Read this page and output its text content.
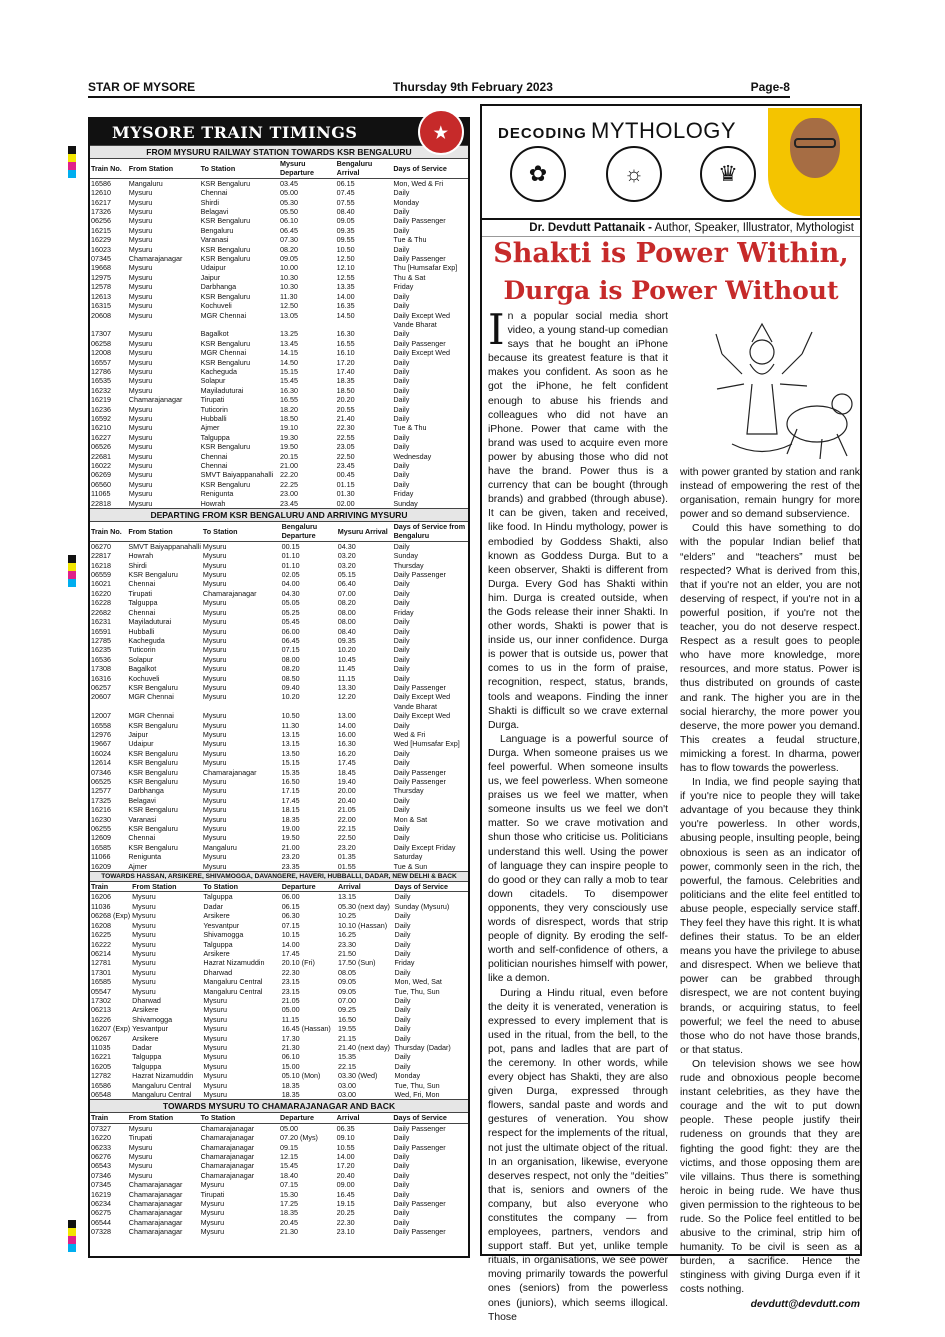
STAR OF MYSORE	Thursday 9th February 2023	Page-8
MYSORE TRAIN TIMINGS	★
FROM MYSURU RAILWAY STATION TOWARDS KSR BENGALURU
Train No.	From Station	To Station	Mysuru Departure	Bengaluru Arrival	Days of Service
16586	Mangaluru	KSR Bengaluru	03.45	06.15	Mon, Wed & Fri
12610	Mysuru	Chennai	05.00	07.45	Daily
16217	Mysuru	Shirdi	05.30	07.55	Monday
17326	Mysuru	Belagavi	05.50	08.40	Daily
06256	Mysuru	KSR Bengaluru	06.10	09.05	Daily Passenger
16215	Mysuru	Bengaluru	06.45	09.35	Daily
16229	Mysuru	Varanasi	07.30	09.55	Tue & Thu
16023	Mysuru	KSR Bengaluru	08.20	10.50	Daily
07345	Chamarajanagar	KSR Bengaluru	09.05	12.50	Daily Passenger
19668	Mysuru	Udaipur	10.00	12.10	Thu [Humsafar Exp]
12975	Mysuru	Jaipur	10.30	12.55	Thu & Sat
12578	Mysuru	Darbhanga	10.30	13.35	Friday
12613	Mysuru	KSR Bengaluru	11.30	14.00	Daily
16315	Mysuru	Kochuveli	12.50	16.35	Daily
20608	Mysuru	MGR Chennai	13.05	14.50	Daily Except Wed
					Vande Bharat
17307	Mysuru	Bagalkot	13.25	16.30	Daily
06258	Mysuru	KSR Bengaluru	13.45	16.55	Daily Passenger
12008	Mysuru	MGR Chennai	14.15	16.10	Daily Except Wed
16557	Mysuru	KSR Bengaluru	14.50	17.20	Daily
12786	Mysuru	Kacheguda	15.15	17.40	Daily
16535	Mysuru	Solapur	15.45	18.35	Daily
16232	Mysuru	Mayiladuturai	16.30	18.50	Daily
16219	Chamarajanagar	Tirupati	16.55	20.20	Daily
16236	Mysuru	Tuticorin	18.20	20.55	Daily
16592	Mysuru	Hubballi	18.50	21.40	Daily
16210	Mysuru	Ajmer	19.10	22.30	Tue & Thu
16227	Mysuru	Talguppa	19.30	22.55	Daily
06526	Mysuru	KSR Bengaluru	19.50	23.05	Daily
22681	Mysuru	Chennai	20.15	22.50	Wednesday
16022	Mysuru	Chennai	21.00	23.45	Daily
06269	Mysuru	SMVT Baiyappanahalli	22.20	00.45	Daily
06560	Mysuru	KSR Bengaluru	22.25	01.15	Daily
11065	Mysuru	Renigunta	23.00	01.30	Friday
22818	Mysuru	Howrah	23.45	02.00	Sunday
DEPARTING FROM KSR BENGALURU AND ARRIVING MYSURU
Train No.	From Station	To Station	Bengaluru Departure	Mysuru Arrival	Days of Service from Bengaluru
06270	SMVT Baiyappanahalli	Mysuru	00.15	04.30	Daily
22817	Howrah	Mysuru	01.10	03.20	Sunday
16218	Shirdi	Mysuru	01.10	03.20	Thursday
06559	KSR Bengaluru	Mysuru	02.05	05.15	Daily Passenger
16021	Chennai	Mysuru	04.00	06.40	Daily
16220	Tirupati	Chamarajanagar	04.30	07.00	Daily
16228	Talguppa	Mysuru	05.05	08.20	Daily
22682	Chennai	Mysuru	05.25	08.00	Friday
16231	Mayiladuturai	Mysuru	05.45	08.00	Daily
16591	Hubballi	Mysuru	06.00	08.40	Daily
12785	Kacheguda	Mysuru	06.45	09.35	Daily
16235	Tuticorin	Mysuru	07.15	10.20	Daily
16536	Solapur	Mysuru	08.00	10.45	Daily
17308	Bagalkot	Mysuru	08.20	11.45	Daily
16316	Kochuveli	Mysuru	08.50	11.15	Daily
06257	KSR Bengaluru	Mysuru	09.40	13.30	Daily Passenger
20607	MGR Chennai	Mysuru	10.20	12.20	Daily Except Wed
					Vande Bharat
12007	MGR Chennai	Mysuru	10.50	13.00	Daily Except Wed
16558	KSR Bengaluru	Mysuru	11.30	14.00	Daily
12976	Jaipur	Mysuru	13.15	16.00	Wed & Fri
19667	Udaipur	Mysuru	13.15	16.30	Wed [Humsafar Exp]
16024	KSR Bengaluru	Mysuru	13.50	16.20	Daily
12614	KSR Bengaluru	Mysuru	15.15	17.45	Daily
07346	KSR Bengaluru	Chamarajanagar	15.35	18.45	Daily Passenger
06525	KSR Bengaluru	Mysuru	16.50	19.40	Daily Passenger
12577	Darbhanga	Mysuru	17.15	20.00	Thursday
17325	Belagavi	Mysuru	17.45	20.40	Daily
16216	KSR Bengaluru	Mysuru	18.15	21.05	Daily
16230	Varanasi	Mysuru	18.35	22.00	Mon & Sat
06255	KSR Bengaluru	Mysuru	19.00	22.15	Daily
12609	Chennai	Mysuru	19.50	22.50	Daily
16585	KSR Bengaluru	Mangaluru	21.00	23.20	Daily Except Friday
11066	Renigunta	Mysuru	23.20	01.35	Saturday
16209	Ajmer	Mysuru	23.35	01.55	Tue & Sun
TOWARDS HASSAN, ARSIKERE, SHIVAMOGGA, DAVANGERE, HAVERI, HUBBALLI, DADAR, NEW DELHI & BACK
Train	From Station	To Station	Departure	Arrival	Days of Service
16206	Mysuru	Talguppa	06.00	13.15	Daily
11036	Mysuru	Dadar	06.15	05.30 (next day)	Sunday (Mysuru)
06268 (Exp)	Mysuru	Arsikere	06.30	10.25	Daily
16208	Mysuru	Yesvantpur	07.15	10.10 (Hassan)	Daily
16225	Mysuru	Shivamogga	10.15	16.25	Daily
16222	Mysuru	Talguppa	14.00	23.30	Daily
06214	Mysuru	Arsikere	17.45	21.50	Daily
12781	Mysuru	Hazrat Nizamuddin	20.10 (Fri)	17.50 (Sun)	Friday
17301	Mysuru	Dharwad	22.30	08.05	Daily
16585	Mysuru	Mangaluru Central	23.15	09.05	Mon, Wed, Sat
05547	Mysuru	Mangaluru Central	23.15	09.05	Tue, Thu, Sun
17302	Dharwad	Mysuru	21.05	07.00	Daily
06213	Arsikere	Mysuru	05.00	09.25	Daily
16226	Shivamogga	Mysuru	11.15	16.50	Daily
16207 (Exp)	Yesvantpur	Mysuru	16.45 (Hassan)	19.55	Daily
06267	Arsikere	Mysuru	17.30	21.15	Daily
11035	Dadar	Mysuru	21.30	21.40 (next day)	Thursday (Dadar)
16221	Talguppa	Mysuru	06.10	15.35	Daily
16205	Talguppa	Mysuru	15.00	22.15	Daily
12782	Hazrat Nizamuddin	Mysuru	05.10 (Mon)	03.30 (Wed)	Monday
16586	Mangaluru Central	Mysuru	18.35	03.00	Tue, Thu, Sun
06548	Mangaluru Central	Mysuru	18.35	03.00	Wed, Fri, Mon
TOWARDS MYSURU TO CHAMARAJANAGAR AND BACK
Train	From Station	To Station	Departure	Arrival	Days of Service
07327	Mysuru	Chamarajanagar	05.00	06.35	Daily Passenger
16220	Tirupati	Chamarajanagar	07.20 (Mys)	09.10	Daily
06233	Mysuru	Chamarajanagar	09.15	10.55	Daily Passenger
06276	Mysuru	Chamarajanagar	12.15	14.00	Daily
06543	Mysuru	Chamarajanagar	15.45	17.20	Daily
07346	Mysuru	Chamarajanagar	18.40	20.40	Daily
07345	Chamarajanagar	Mysuru	07.15	09.00	Daily
16219	Chamarajanagar	Tirupati	15.30	16.45	Daily
06234	Chamarajanagar	Mysuru	17.25	19.15	Daily Passenger
06275	Chamarajanagar	Mysuru	18.35	20.25	Daily
06544	Chamarajanagar	Mysuru	20.45	22.30	Daily
07328	Chamarajanagar	Mysuru	21.30	23.10	Daily Passenger
DECODING MYTHOLOGY
✿	☼	♛
Dr. Devdutt Pattanaik - Author, Speaker, Illustrator, Mythologist
Shakti is Power Within,
Durga is Power Without

In a popular social media short video, a young stand-up comedian says that he bought an iPhone because its greatest feature is that it makes you confident. As soon as he got the iPhone, he felt confident enough to abuse his friends and colleagues who did not have an iPhone. Power that came with the brand was used to acquire even more power by abusing those who did not have the brand. Power thus is a currency that can be bought (through brands) and grabbed (through abuse). It can be given, taken and received, like food. In Hindu mythology, power is embodied by Goddess Shakti, also known as Goddess Durga. But to a keen observer, Shakti is different from Durga. Every God has Shakti within him. Durga is created outside, when the Gods release their inner Shakti. In other words, Shakti is power that is inside us, our inner confidence. Durga is power that is outside us, power that comes to us in the form of praise, recognition, respect, status, brands, tools and weapons. Finding the inner Shakti is difficult so we crave external Durga.

Language is a powerful source of Durga. When someone praises us we feel powerful. When someone insults us, we feel powerless. When someone praises us we feel we matter, when someone insults us we feel we don't matter. So we crave motivation and shun those who criticise us. Politicians understand this well. Using the power of language they can inspire people to do good or they can rally a mob to tear down citadels. To disempower opponents, they very consciously use words of disrespect, words that strip people of dignity. By eroding the self-worth and self-confidence of others, a politician nourishes himself with power, like a demon.

During a Hindu ritual, even before the deity it is venerated, veneration is expressed to every implement that is used in the ritual, from the bell, to the pot, pans and ladles that are part of the ceremony. In other words, while every object has Shakti, they are also given Durga, expressed through flowers, sandal paste and words and gestures of veneration. You show respect for the implements of the ritual, not just the ultimate object of the ritual. In an organisation, likewise, everyone deserves respect, not only the “deities” that is, seniors and owners of the company, but also everyone who constitutes the company — from employees, partners, vendors and support staff. But yet, unlike temple rituals, in organisations, we see power moving primarily towards the powerful ones (seniors) from the powerless ones (juniors), which seems illogical. Those

with power granted by station and rank instead of empowering the rest of the organisation, remain hungry for more power and so demand subservience.

Could this have something to do with the popular Indian belief that “elders” and “teachers” must be respected? What is derived from this, that if you're not an elder, you are not deserving of respect, if you're not in a powerful position, if you're not the teacher, you do not deserve respect. Respect as a result goes to people who have more knowledge, more resources, and more status. Power is thus distributed on grounds of caste and rank. The higher you are in the social hierarchy, the more power you deserve, the more power you demand. This creates a feudal structure, mimicking a forest. In dharma, power has to flow towards the powerless.

In India, we find people saying that if you're nice to people they will take advantage of you because they think you're powerless. In other words, abusing people, insulting people, being obnoxious is seen as an indicator of power, commonly seen in the rich, the powerful, the famous. Celebrities and politicians and the elite feel entitled to abuse people, especially service staff. They feel they have this right. It is what defines their status. To be an elder means you have the privilege to abuse and disrespect. When we believe that power can be grabbed through disrespect, we are not content buying brands, or acquiring status, to feel powerful; we feel the need to abuse those who do not have those brands, or that status.

On television shows we see how rude and obnoxious people become instant celebrities, as they have the courage and the wit to put down people. These people justify their rudeness on grounds that they are fighting the good fight: they are the victims, and those opposing them are vile villains. Thus there is something heroic in being rude. We have thus given permission to the righteous to be rude. So the Police feel entitled to be abusive to the criminal, strip him of humanity. To be civil is seen as a burden, a sacrifice. Hence the stinginess with giving Durga even if it costs nothing.

devdutt@devdutt.com
